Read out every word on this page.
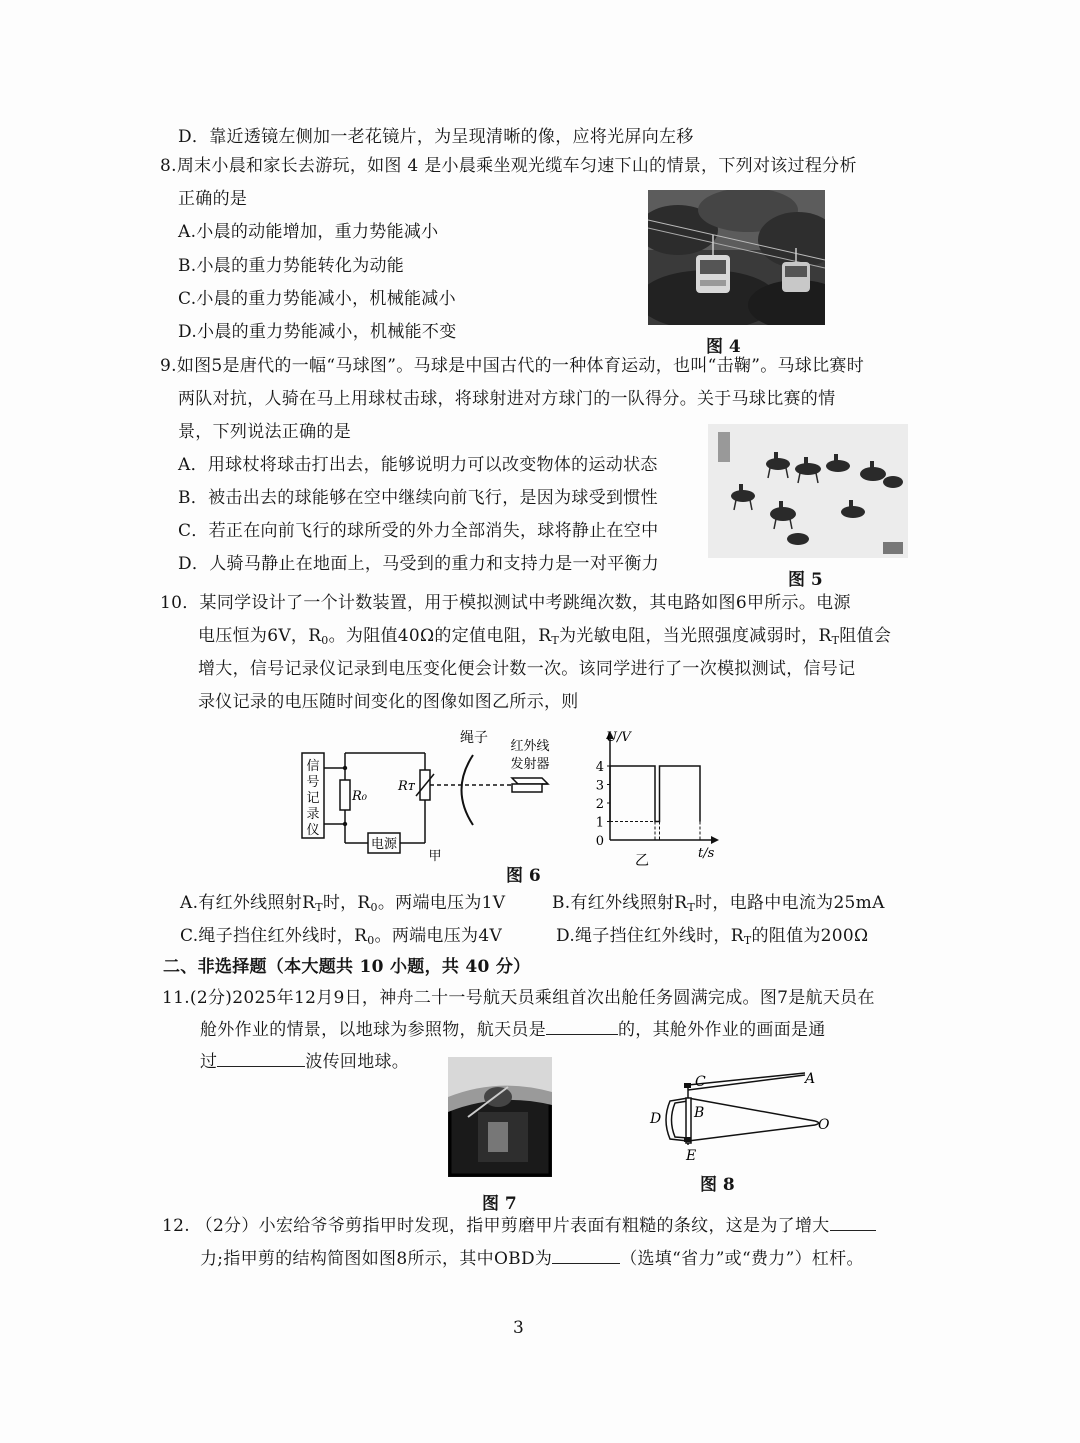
D．靠近透镜左侧加一老花镜片，为呈现清晰的像，应将光屏向左移
8.周末小晨和家长去游玩，如图 4 是小晨乘坐观光缆车匀速下山的情景，下列对该过程分析
正确的是
A.小晨的动能增加，重力势能减小
B.小晨的重力势能转化为动能
C.小晨的重力势能减小，机械能减小
D.小晨的重力势能减小，机械能不变
图 4
9.如图5是唐代的一幅“马球图”。马球是中国古代的一种体育运动，也叫“击鞠”。马球比赛时
两队对抗，人骑在马上用球杖击球，将球射进对方球门的一队得分。关于马球比赛的情
景，下列说法正确的是
A．用球杖将球击打出去，能够说明力可以改变物体的运动状态
B．被击出去的球能够在空中继续向前飞行，是因为球受到惯性
C．若正在向前飞行的球所受的外力全部消失，球将静止在空中
D．人骑马静止在地面上，马受到的重力和支持力是一对平衡力
图 5
10．某同学设计了一个计数装置，用于模拟测试中考跳绳次数，其电路如图6甲所示。电源
电压恒为6V，$R_0$。为阻值40Ω的定值电阻，$R_T$为光敏电阻，当光照强度减弱时，$R_T$阻值会
增大，信号记录仪记录到电压变化便会计数一次。该同学进行了一次模拟测试，信号记
录仪记录的电压随时间变化的图像如图乙所示，则
信
号
记
录
仪
R₀
Rᴛ
电源
绳子
红外线
发射器
甲
0
1
2
3
4
U/V
t/s
乙
图 6
A.有红外线照射$R_T$时，$R_0$。两端电压为1V	B.有红外线照射$R_T$时，电路中电流为25mA
C.绳子挡住红外线时，$R_0$。两端电压为4V	D.绳子挡住红外线时，$R_T$的阻值为200Ω
二、非选择题（本大题共 10 小题，共 40 分）
11.(2分)2025年12月9日，神舟二十一号航天员乘组首次出舱任务圆满完成。图7是航天员在
舱外作业的情景，以地球为参照物，航天员是	的，其舱外作业的画面是通
过	波传回地球。
图 7
C	A
B
D	O
E
图 8
12. （2分）小宏给爷爷剪指甲时发现，指甲剪磨甲片表面有粗糙的条纹，这是为了增大
力;指甲剪的结构简图如图8所示，其中OBD为	（选填“省力”或“费力”）杠杆。
3
